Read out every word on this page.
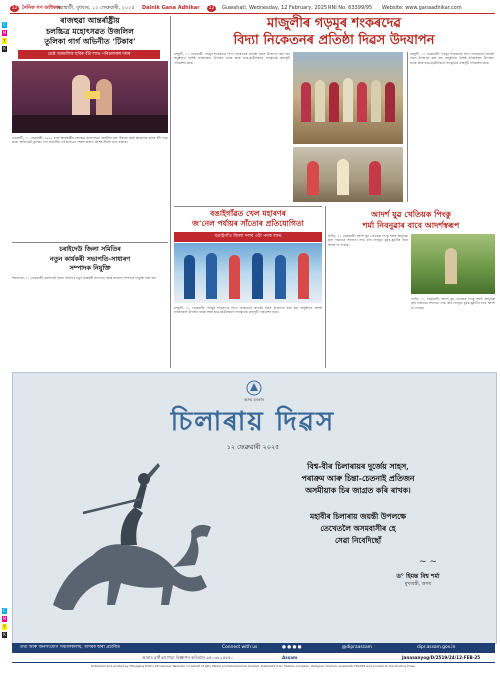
C
M
Y
K
C
M
Y
K
12 দৈনিক গণ অধিকাৰ
গুৱাহাটী, বুধবাৰ, ১২ ফেব্ৰুৱাৰী, ২০২৫ Dainik Gana Adhikar	12	Guwahati, Wednesday, 12 February, 2025 RNI No. 63399/95 Website: www.ganaadhikar.com
ৰাজহুৱা আন্তৰ্ৰাষ্ট্ৰীয়
চলচ্চিত্ৰ মহোৎসৱত উজলিল
তুলিকা গাৰ্গ অভিনীত ‘টিকাব’
শ্ৰেষ্ঠ আঞ্চলিক ছবিৰ বঁটা লাভ পৰিচালকৰ দলৰ
গুৱাহাটী, ১১ ফেব্ৰুৱাৰী: ২০২৫ চনৰ আন্তৰ্ৰাষ্ট্ৰীয় চলচ্চিত্ৰ মহোৎসৱত অসমীয়া ছবি টিকাবে শ্ৰেষ্ঠ আঞ্চলিক ছবিৰ বঁটা লাভ কৰে। অভিনেত্ৰী তুলিকা গাৰ্গ অভিনীত এই ছবিখনে দৰ্শকৰ মাজত বিশেষ সঁহাৰি লাভ কৰিছে।
চৰাইদেউ জিলা সমিতিৰ
নতুন কাৰ্যকৰী সভাপতি-সাধাৰণ
সম্পাদক নিযুক্তি
শিৱসাগৰ, ১১ ফেব্ৰুৱাৰী: চৰাইদেউ জিলা সমিতিৰ নতুন কাৰ্যকৰী সভাপতি আৰু সাধাৰণ সম্পাদক নিযুক্তি দিয়া হয়।
মাজুলীৰ গড়মূৰ শংকৰদেৱ
বিদ্যা নিকেতনৰ প্ৰতিষ্ঠা দিৱস উদযাপন
মাজুলী, ১১ ফেব্ৰুৱাৰী: গড়মূৰ শংকৰদেৱ বিদ্যা নিকেতনৰ প্ৰতিষ্ঠা দিৱস উদযাপন কৰা হয়। অনুষ্ঠানত বিশিষ্ট ব্যক্তিসকল উপস্থিত থাকে আৰু ছাত্ৰ-ছাত্ৰীসকলে সাংস্কৃতিক কাৰ্যসূচী পৰিৱেশন কৰে।
মাজুলী, ১১ ফেব্ৰুৱাৰী: গড়মূৰ শংকৰদেৱ বিদ্যা নিকেতনৰ প্ৰতিষ্ঠা দিৱস উদযাপন কৰা হয়। অনুষ্ঠানত বিশিষ্ট ব্যক্তিসকল উপস্থিত থাকে আৰু ছাত্ৰ-ছাত্ৰীসকলে সাংস্কৃতিক কাৰ্যসূচী পৰিৱেশন কৰে।
বঙাইগাঁৱত খেল মহাৰণৰ
জ’নেল পৰ্যায়ৰ সাঁতোৰ প্ৰতিযোগিতা
বঙাইগাঁও জিলা দলৰ ৩টা পদক লাভ
মাজুলী, ১১ ফেব্ৰুৱাৰী: গড়মূৰ শংকৰদেৱ বিদ্যা নিকেতনৰ প্ৰতিষ্ঠা দিৱস উদযাপন কৰা হয়। অনুষ্ঠানত বিশিষ্ট ব্যক্তিসকল উপস্থিত থাকে আৰু ছাত্ৰ-ছাত্ৰীসকলে সাংস্কৃতিক কাৰ্যসূচী পৰিৱেশন কৰে।
আদৰ্শ যুৱ খেতিয়ক পিংকু
শৰ্মা নিবনুৱাৰ বাবে আদৰ্শস্বৰূপ
নগাঁও, ১১ ফেব্ৰুৱাৰী: আদৰ্শ যুৱ খেতিয়ক পিংকু শৰ্মাই আধুনিক কৃষি পদ্ধতিৰে সফলতা লাভ কৰি নিবনুৱা যুৱক-যুৱতীৰ বাবে আদৰ্শ হৈ পৰিছে।
নগাঁও, ১১ ফেব্ৰুৱাৰী: আদৰ্শ যুৱ খেতিয়ক পিংকু শৰ্মাই আধুনিক কৃষি পদ্ধতিৰে সফলতা লাভ কৰি নিবনুৱা যুৱক-যুৱতীৰ বাবে আদৰ্শ হৈ পৰিছে।
অসম চৰকাৰ
চিলাৰায় দিৱস
১২ ফেব্ৰুৱাৰী ২০২৫
বিশ্ব-বীৰ চিলাৰায়ৰ দুৰ্জেয় সাহস,
পৰাক্ৰম আৰু চিন্তা-চেতনাই প্ৰতিজন
অসমীয়াক চিৰ জাগ্ৰত কৰি ৰাখক।
মহাবীৰ চিলাৰায় জয়ন্তী উপলক্ষে
তেখেতলৈ অসমবাসীৰ হে
সেৱা নিবেদিছোঁ
~ ~
ড° হিমন্ত বিশ্ব শৰ্মা
মুখ্যমন্ত্ৰী, অসম
তথ্য আৰু জনসংযোগ সঞ্চালকালয়, অসমৰ দ্বাৰা প্ৰচাৰিত	Connect with us	● ● ● ●	@dipraassam	dipr.assam.gov.in
আমাৰ ৱাৰ্ট ছাপোৱা বিজ্ঞাপন কৰিবলৈ ৯৫০৩৮২৫৫৫০	Assam	Janasanyog/D/2519/24/12-FEB-25
Published and printed by Managing Editor Dhirajmani Talukdar on behalf of Jelly Media Anchalmaanchal Limited. Published from Fazhan Complex, Hatigaon Chariali, Guwahati-781038 and printed at the Printing Press.
